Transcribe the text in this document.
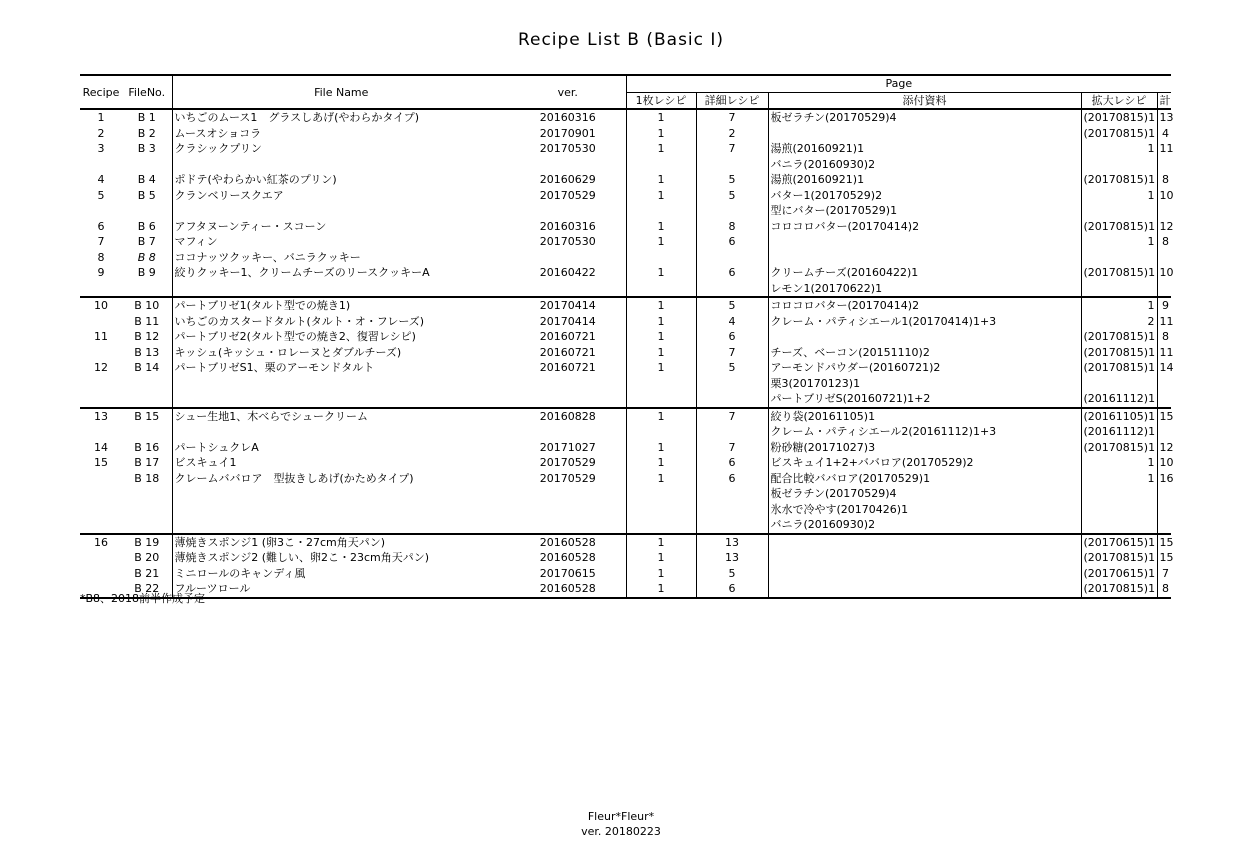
Recipe List B (Basic I)
Recipe	FileNo.	File Name	ver.	Page				
				1枚レシピ	詳細レシピ	添付資料	拡大レシピ	計
1	B 1	いちごのムース1　グラスしあげ(やわらかタイプ)	20160316	1	7	板ゼラチン(20170529)4	(20170815)1	13
2	B 2	ムースオショコラ	20170901	1	2		(20170815)1	4
3	B 3	クラシックプリン	20170530	1	7	湯煎(20160921)1	1	11
						バニラ(20160930)2		
4	B 4	ポドテ(やわらかい紅茶のプリン)	20160629	1	5	湯煎(20160921)1	(20170815)1	8
5	B 5	クランベリースクエア	20170529	1	5	バター1(20170529)2	1	10
						型にバター(20170529)1		
6	B 6	アフタヌーンティー・スコーン	20160316	1	8	コロコロバター(20170414)2	(20170815)1	12
7	B 7	マフィン	20170530	1	6		1	8
8	B 8	ココナッツクッキー、バニラクッキー						
9	B 9	絞りクッキー1、クリームチーズのリースクッキーA	20160422	1	6	クリームチーズ(20160422)1	(20170815)1	10
						レモン1(20170622)1		
10	B 10	パートブリゼ1(タルト型での焼き1)	20170414	1	5	コロコロバター(20170414)2	1	9
	B 11	いちごのカスタードタルト(タルト・オ・フレーズ)	20170414	1	4	クレーム・パティシエール1(20170414)1+3	2	11
11	B 12	パートブリゼ2(タルト型での焼き2、復習レシピ)	20160721	1	6		(20170815)1	8
	B 13	キッシュ(キッシュ・ロレーヌとダブルチーズ)	20160721	1	7	チーズ、ベーコン(20151110)2	(20170815)1	11
12	B 14	パートブリゼS1、栗のアーモンドタルト	20160721	1	5	アーモンドパウダー(20160721)2	(20170815)1	14
						栗3(20170123)1		
						パートブリゼS(20160721)1+2	(20161112)1	
13	B 15	シュー生地1、木べらでシュークリーム	20160828	1	7	絞り袋(20161105)1	(20161105)1	15
						クレーム・パティシエール2(20161112)1+3	(20161112)1	
14	B 16	パートシュクレA	20171027	1	7	粉砂糖(20171027)3	(20170815)1	12
15	B 17	ビスキュイ1	20170529	1	6	ビスキュイ1+2+ババロア(20170529)2	1	10
	B 18	クレームババロア　型抜きしあげ(かためタイプ)	20170529	1	6	配合比較ババロア(20170529)1	1	16
						板ゼラチン(20170529)4		
						氷水で冷やす(20170426)1		
						バニラ(20160930)2		
16	B 19	薄焼きスポンジ1 (卵3こ・27cm角天パン)	20160528	1	13		(20170615)1	15
	B 20	薄焼きスポンジ2 (難しい、卵2こ・23cm角天パン)	20160528	1	13		(20170815)1	15
	B 21	ミニロールのキャンディ風	20170615	1	5		(20170615)1	7
	B 22	フルーツロール	20160528	1	6		(20170815)1	8
*B8、2018前半作成予定
Fleur*Fleur*
ver. 20180223
